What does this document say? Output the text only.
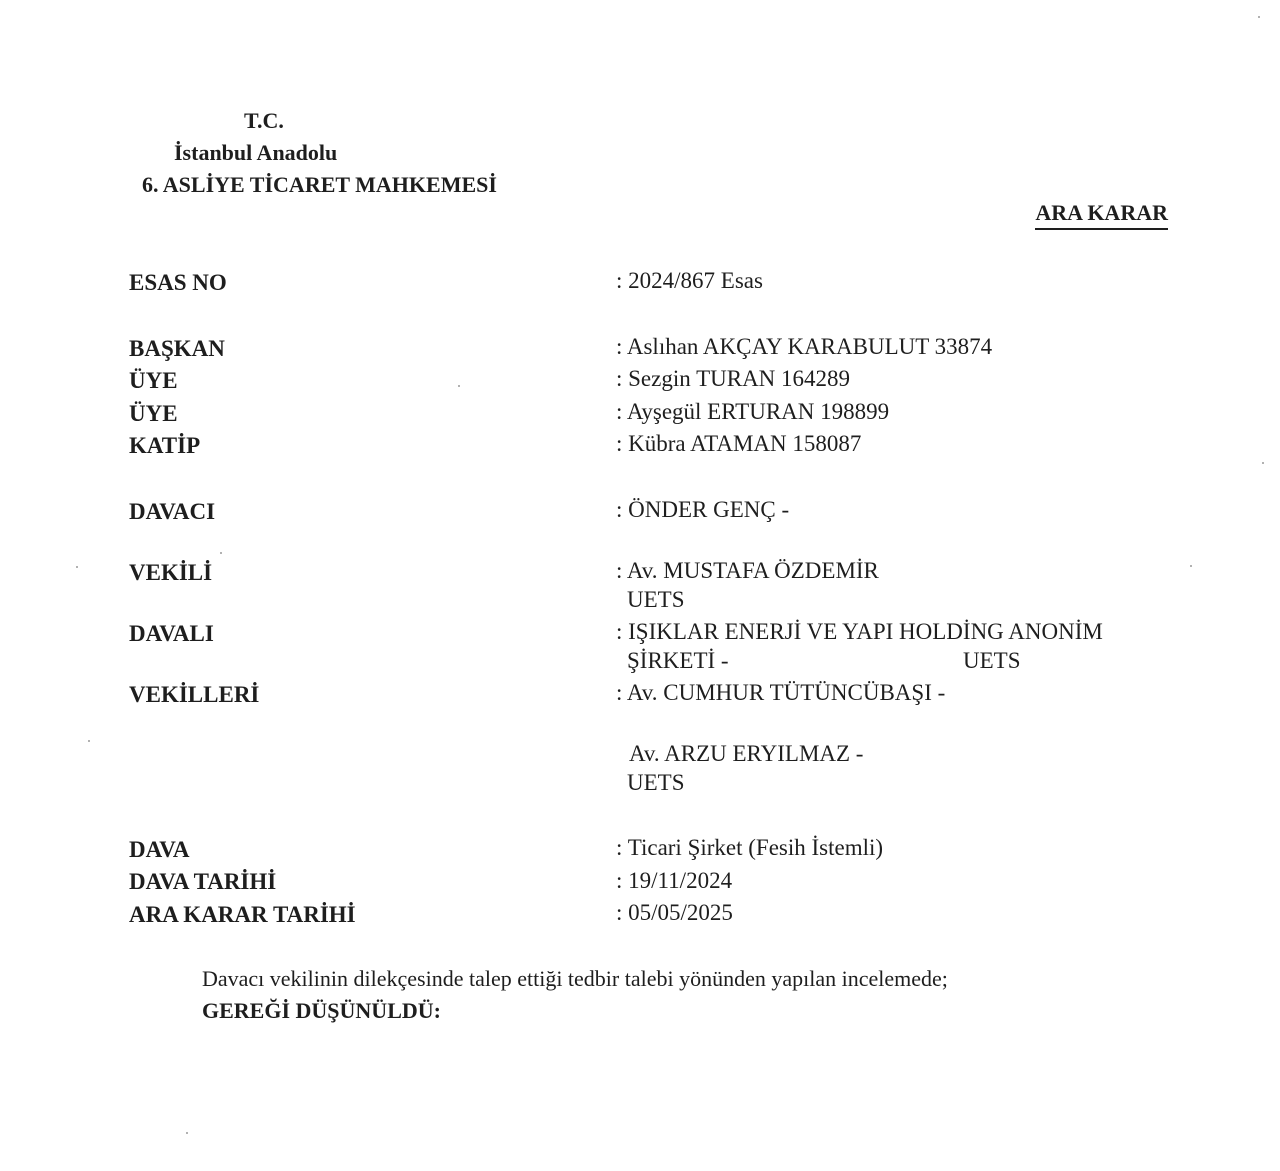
T.C.
İstanbul Anadolu
6. ASLİYE TİCARET MAHKEMESİ
ARA KARAR
ESAS NO	: 2024/867 Esas
BAŞKAN	: Aslıhan AKÇAY KARABULUT 33874
ÜYE	: Sezgin TURAN 164289
ÜYE	: Ayşegül ERTURAN 198899
KATİP	: Kübra ATAMAN 158087
DAVACI	: ÖNDER GENÇ -
VEKİLİ	: Av. MUSTAFA ÖZDEMİR
UETS
DAVALI	: IŞIKLAR ENERJİ VE YAPI HOLDİNG ANONİM
ŞİRKETİ -	UETS
VEKİLLERİ	: Av. CUMHUR TÜTÜNCÜBAŞI -
Av. ARZU ERYILMAZ -
UETS
DAVA	: Ticari Şirket (Fesih İstemli)
DAVA TARİHİ	: 19/11/2024
ARA KARAR TARİHİ	: 05/05/2025
Davacı vekilinin dilekçesinde talep ettiği tedbir talebi yönünden yapılan incelemede;
GEREĞİ DÜŞÜNÜLDÜ:
